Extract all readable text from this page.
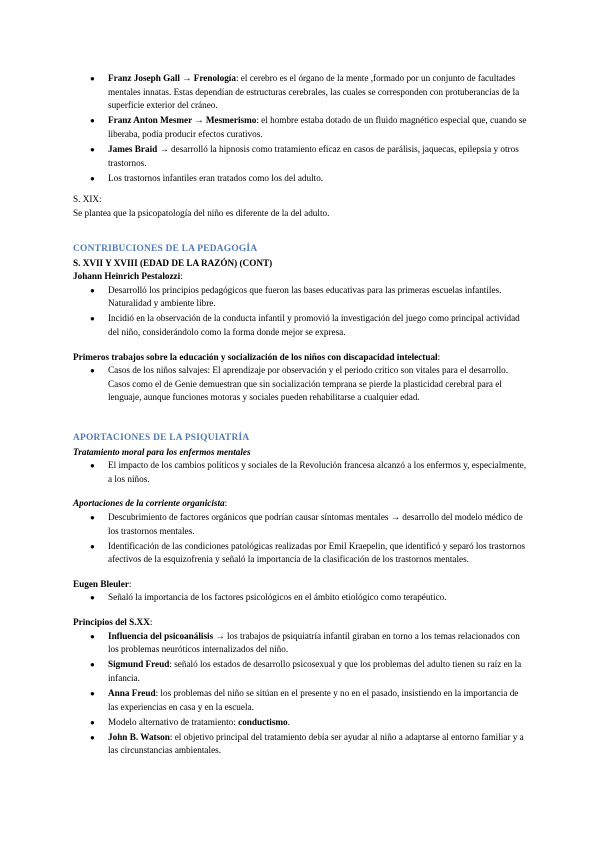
● Franz Joseph Gall → Frenología: el cerebro es el órgano de la mente ,formado por un conjunto de facultades mentales innatas. Estas dependían de estructuras cerebrales, las cuales se corresponden con protuberancias de la superficie exterior del cráneo.
● Franz Anton Mesmer → Mesmerismo: el hombre estaba dotado de un fluido magnético especial que, cuando se liberaba, podía producir efectos curativos.
● James Braid → desarrolló la hipnosis como tratamiento eficaz en casos de parálisis, jaquecas, epilepsia y otros trastornos.
● Los trastornos infantiles eran tratados como los del adulto.

S. XIX:

Se plantea que la psicopatología del niño es diferente de la del adulto.

CONTRIBUCIONES DE LA PEDAGOGÍA

S. XVII Y XVIII (EDAD DE LA RAZÓN) (CONT)

Johann Heinrich Pestalozzi:

● Desarrolló los principios pedagógicos que fueron las bases educativas para las primeras escuelas infantiles. Naturalidad y ambiente libre.
● Incidió en la observación de la conducta infantil y promovió la investigación del juego como principal actividad del niño, considerándolo como la forma donde mejor se expresa.

Primeros trabajos sobre la educación y socialización de los niños con discapacidad intelectual:

● Casos de los niños salvajes: El aprendizaje por observación y el periodo crítico son vitales para el desarrollo. Casos como el de Genie demuestran que sin socialización temprana se pierde la plasticidad cerebral para el lenguaje, aunque funciones motoras y sociales pueden rehabilitarse a cualquier edad.

APORTACIONES DE LA PSIQUIATRÍA

Tratamiento moral para los enfermos mentales

● El impacto de los cambios políticos y sociales de la Revolución francesa alcanzó a los enfermos y, especialmente, a los niños.

Aportaciones de la corriente organicista:

● Descubrimiento de factores orgánicos que podrían causar síntomas mentales → desarrollo del modelo médico de los trastornos mentales.
● Identificación de las condiciones patológicas realizadas por Emil Kraepelin, que identificó y separó los trastornos afectivos de la esquizofrenia y señaló la importancia de la clasificación de los trastornos mentales.

Eugen Bleuler:

● Señaló la importancia de los factores psicológicos en el ámbito etiológico como terapéutico.

Principios del S.XX:

● Influencia del psicoanálisis → los trabajos de psiquiatría infantil giraban en torno a los temas relacionados con los problemas neuróticos internalizados del niño.
● Sigmund Freud: señaló los estados de desarrollo psicosexual y que los problemas del adulto tienen su raíz en la infancia.
● Anna Freud: los problemas del niño se sitúan en el presente y no en el pasado, insistiendo en la importancia de las experiencias en casa y en la escuela.
● Modelo alternativo de tratamiento: conductismo.
● John B. Watson: el objetivo principal del tratamiento debía ser ayudar al niño a adaptarse al entorno familiar y a las circunstancias ambientales.
